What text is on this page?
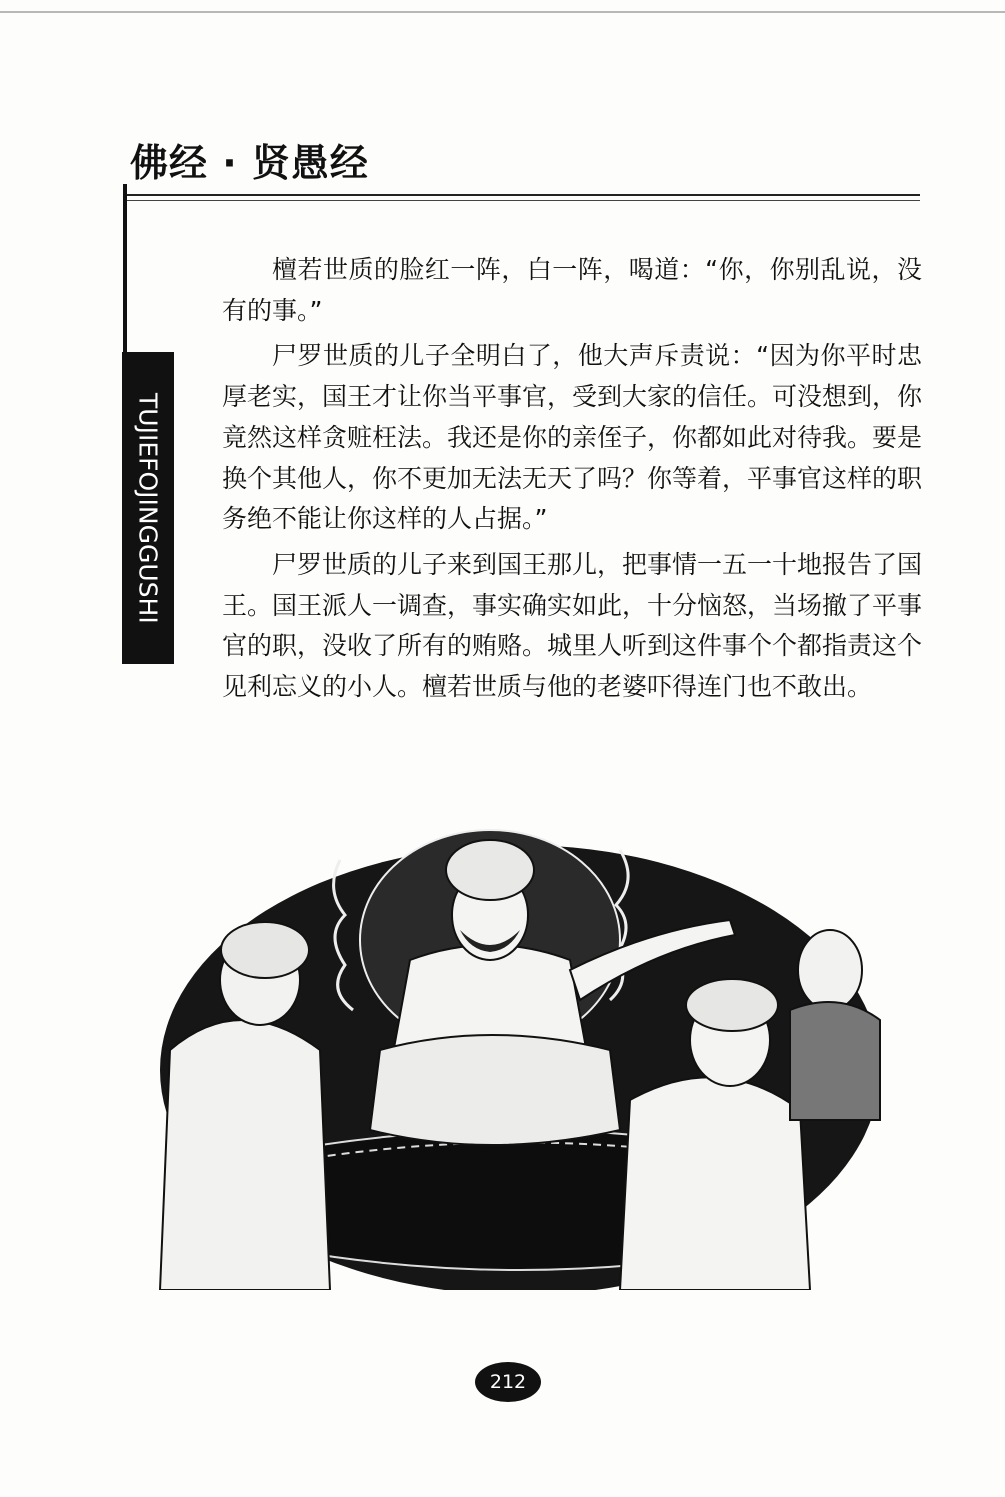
佛经 · 贤愚经
TUJIEFOJINGGUSHI

檀若世质的脸红一阵，白一阵，喝道：“你，你别乱说，没有的事。”

尸罗世质的儿子全明白了，他大声斥责说：“因为你平时忠厚老实，国王才让你当平事官，受到大家的信任。可没想到，你竟然这样贪赃枉法。我还是你的亲侄子，你都如此对待我。要是换个其他人，你不更加无法无天了吗？你等着，平事官这样的职务绝不能让你这样的人占据。”

尸罗世质的儿子来到国王那儿，把事情一五一十地报告了国王。国王派人一调查，事实确实如此，十分恼怒，当场撤了平事官的职，没收了所有的贿赂。城里人听到这件事个个都指责这个见利忘义的小人。檀若世质与他的老婆吓得连门也不敢出。

212
